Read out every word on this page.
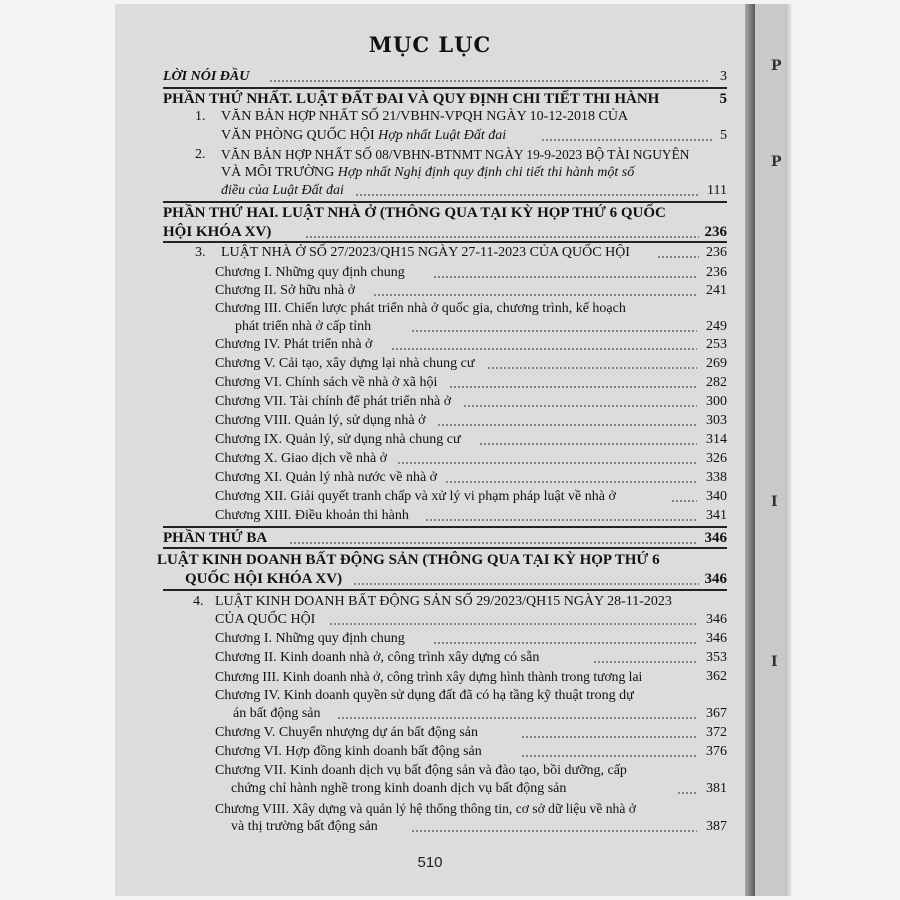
MỤC LỤC
LỜI NÓI ĐẦU	3
PHẦN THỨ NHẤT. LUẬT ĐẤT ĐAI VÀ QUY ĐỊNH CHI TIẾT THI HÀNH	5
1. VĂN BẢN HỢP NHẤT SỐ 21/VBHN-VPQH NGÀY 10-12-2018 CỦA
VĂN PHÒNG QUỐC HỘI Hợp nhất Luật Đất đai	5
2. VĂN BẢN HỢP NHẤT SỐ 08/VBHN-BTNMT NGÀY 19-9-2023 BỘ TÀI NGUYÊN
VÀ MÔI TRƯỜNG Hợp nhất Nghị định quy định chi tiết thi hành một số
điều của Luật Đất đai	111
PHẦN THỨ HAI. LUẬT NHÀ Ở (THÔNG QUA TẠI KỲ HỌP THỨ 6 QUỐC
HỘI KHÓA XV)	236
3. LUẬT NHÀ Ở SỐ 27/2023/QH15 NGÀY 27-11-2023 CỦA QUỐC HỘI	236
Chương I. Những quy định chung	236
Chương II. Sở hữu nhà ở	241
Chương III. Chiến lược phát triển nhà ở quốc gia, chương trình, kế hoạch
phát triển nhà ở cấp tỉnh	249
Chương IV. Phát triển nhà ở	253
Chương V. Cải tạo, xây dựng lại nhà chung cư	269
Chương VI. Chính sách về nhà ở xã hội	282
Chương VII. Tài chính để phát triển nhà ở	300
Chương VIII. Quản lý, sử dụng nhà ở	303
Chương IX. Quản lý, sử dụng nhà chung cư	314
Chương X. Giao dịch về nhà ở	326
Chương XI. Quản lý nhà nước về nhà ở	338
Chương XII. Giải quyết tranh chấp và xử lý vi phạm pháp luật về nhà ở	340
Chương XIII. Điều khoản thi hành	341
PHẦN THỨ BA	346
LUẬT KINH DOANH BẤT ĐỘNG SẢN (THÔNG QUA TẠI KỲ HỌP THỨ 6
QUỐC HỘI KHÓA XV)	346
4. LUẬT KINH DOANH BẤT ĐỘNG SẢN SỐ 29/2023/QH15 NGÀY 28-11-2023
CỦA QUỐC HỘI	346
Chương I. Những quy định chung	346
Chương II. Kinh doanh nhà ở, công trình xây dựng có sẵn	353
Chương III. Kinh doanh nhà ở, công trình xây dựng hình thành trong tương lai	362
Chương IV. Kinh doanh quyền sử dụng đất đã có hạ tầng kỹ thuật trong dự
án bất động sản	367
Chương V. Chuyển nhượng dự án bất động sản	372
Chương VI. Hợp đồng kinh doanh bất động sản	376
Chương VII. Kinh doanh dịch vụ bất động sản và đào tạo, bồi dưỡng, cấp
chứng chỉ hành nghề trong kinh doanh dịch vụ bất động sản	381
Chương VIII. Xây dựng và quản lý hệ thống thông tin, cơ sở dữ liệu về nhà ở
và thị trường bất động sản	387
510
P
P
I
I
